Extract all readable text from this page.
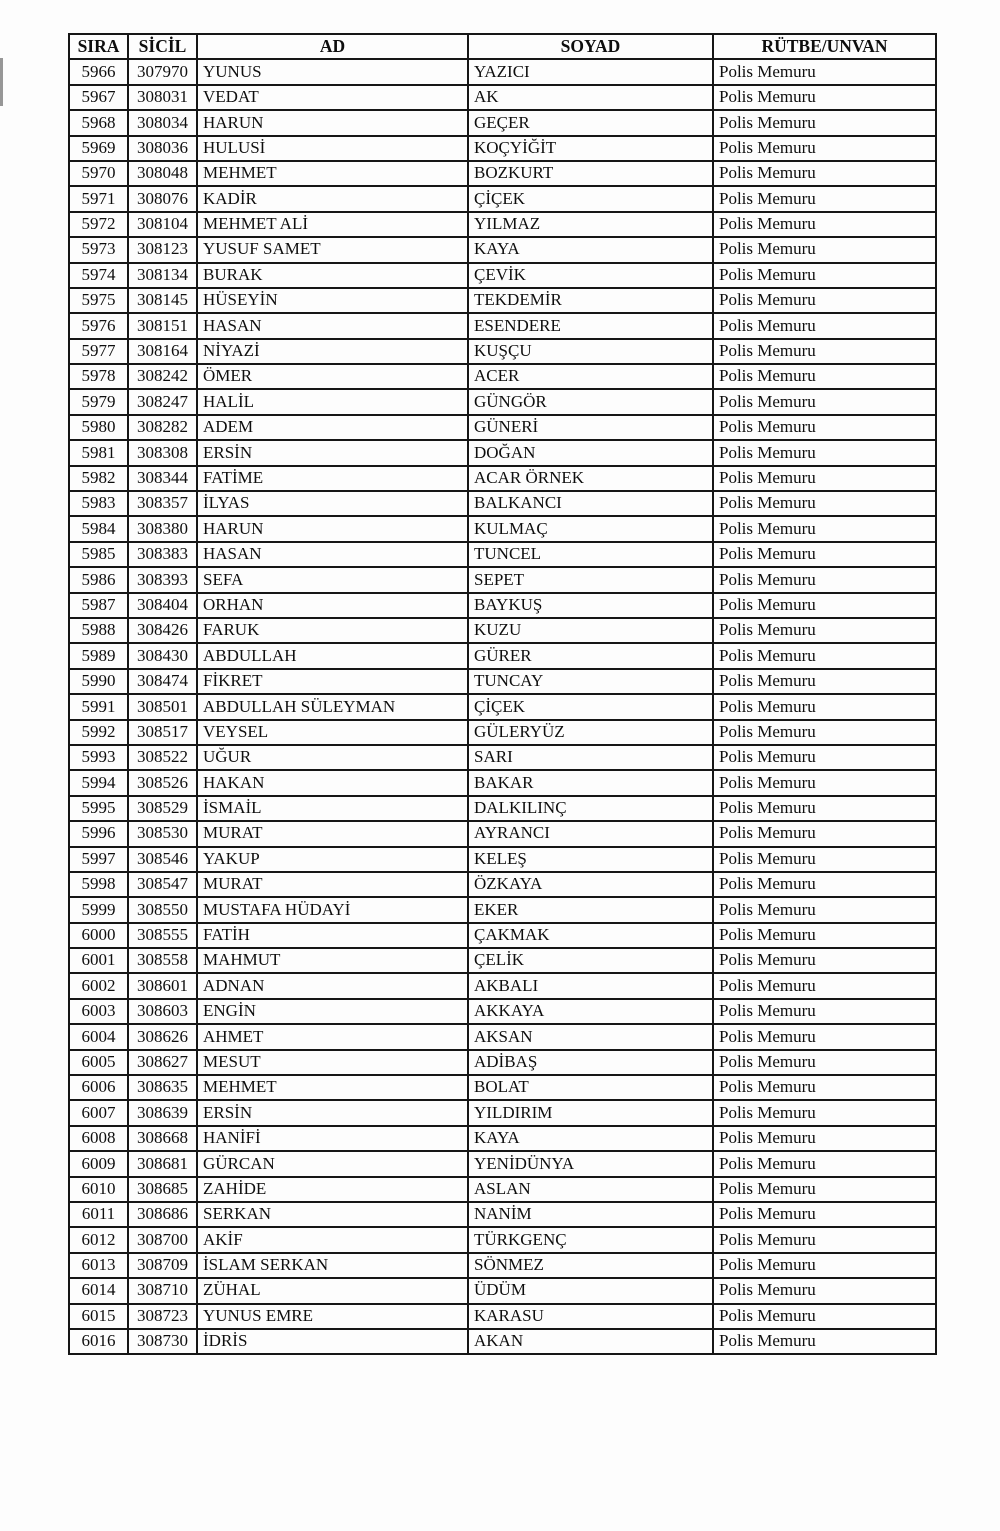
SIRA	SİCİL	AD	SOYAD	RÜTBE/UNVAN
5966	307970	YUNUS	YAZICI	Polis Memuru
5967	308031	VEDAT	AK	Polis Memuru
5968	308034	HARUN	GEÇER	Polis Memuru
5969	308036	HULUSİ	KOÇYİĞİT	Polis Memuru
5970	308048	MEHMET	BOZKURT	Polis Memuru
5971	308076	KADİR	ÇİÇEK	Polis Memuru
5972	308104	MEHMET ALİ	YILMAZ	Polis Memuru
5973	308123	YUSUF SAMET	KAYA	Polis Memuru
5974	308134	BURAK	ÇEVİK	Polis Memuru
5975	308145	HÜSEYİN	TEKDEMİR	Polis Memuru
5976	308151	HASAN	ESENDERE	Polis Memuru
5977	308164	NİYAZİ	KUŞÇU	Polis Memuru
5978	308242	ÖMER	ACER	Polis Memuru
5979	308247	HALİL	GÜNGÖR	Polis Memuru
5980	308282	ADEM	GÜNERİ	Polis Memuru
5981	308308	ERSİN	DOĞAN	Polis Memuru
5982	308344	FATİME	ACAR ÖRNEK	Polis Memuru
5983	308357	İLYAS	BALKANCI	Polis Memuru
5984	308380	HARUN	KULMAÇ	Polis Memuru
5985	308383	HASAN	TUNCEL	Polis Memuru
5986	308393	SEFA	SEPET	Polis Memuru
5987	308404	ORHAN	BAYKUŞ	Polis Memuru
5988	308426	FARUK	KUZU	Polis Memuru
5989	308430	ABDULLAH	GÜRER	Polis Memuru
5990	308474	FİKRET	TUNCAY	Polis Memuru
5991	308501	ABDULLAH SÜLEYMAN	ÇİÇEK	Polis Memuru
5992	308517	VEYSEL	GÜLERYÜZ	Polis Memuru
5993	308522	UĞUR	SARI	Polis Memuru
5994	308526	HAKAN	BAKAR	Polis Memuru
5995	308529	İSMAİL	DALKILINÇ	Polis Memuru
5996	308530	MURAT	AYRANCI	Polis Memuru
5997	308546	YAKUP	KELEŞ	Polis Memuru
5998	308547	MURAT	ÖZKAYA	Polis Memuru
5999	308550	MUSTAFA HÜDAYİ	EKER	Polis Memuru
6000	308555	FATİH	ÇAKMAK	Polis Memuru
6001	308558	MAHMUT	ÇELİK	Polis Memuru
6002	308601	ADNAN	AKBALI	Polis Memuru
6003	308603	ENGİN	AKKAYA	Polis Memuru
6004	308626	AHMET	AKSAN	Polis Memuru
6005	308627	MESUT	ADİBAŞ	Polis Memuru
6006	308635	MEHMET	BOLAT	Polis Memuru
6007	308639	ERSİN	YILDIRIM	Polis Memuru
6008	308668	HANİFİ	KAYA	Polis Memuru
6009	308681	GÜRCAN	YENİDÜNYA	Polis Memuru
6010	308685	ZAHİDE	ASLAN	Polis Memuru
6011	308686	SERKAN	NANİM	Polis Memuru
6012	308700	AKİF	TÜRKGENÇ	Polis Memuru
6013	308709	İSLAM SERKAN	SÖNMEZ	Polis Memuru
6014	308710	ZÜHAL	ÜDÜM	Polis Memuru
6015	308723	YUNUS EMRE	KARASU	Polis Memuru
6016	308730	İDRİS	AKAN	Polis Memuru
